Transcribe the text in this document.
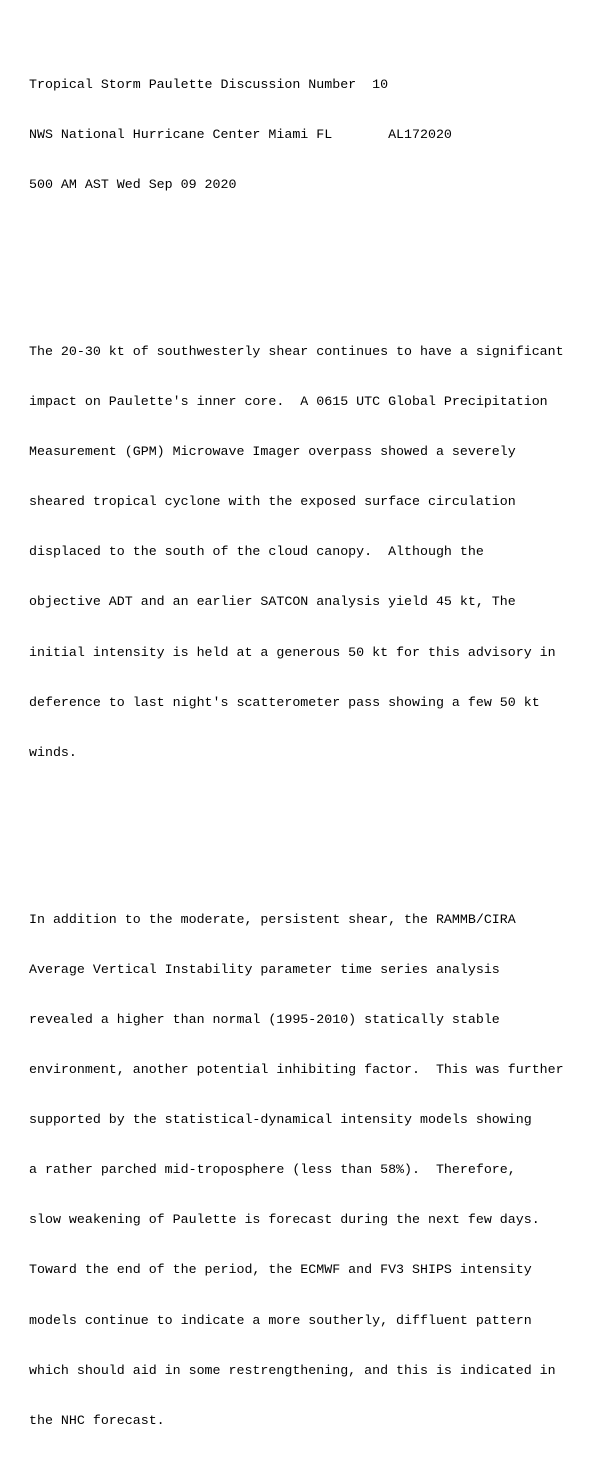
Tropical Storm Paulette Discussion Number  10

NWS National Hurricane Center Miami FL       AL172020

500 AM AST Wed Sep 09 2020

The 20-30 kt of southwesterly shear continues to have a significant

impact on Paulette's inner core.  A 0615 UTC Global Precipitation

Measurement (GPM) Microwave Imager overpass showed a severely

sheared tropical cyclone with the exposed surface circulation

displaced to the south of the cloud canopy.  Although the

objective ADT and an earlier SATCON analysis yield 45 kt, The

initial intensity is held at a generous 50 kt for this advisory in

deference to last night's scatterometer pass showing a few 50 kt

winds.

In addition to the moderate, persistent shear, the RAMMB/CIRA

Average Vertical Instability parameter time series analysis

revealed a higher than normal (1995-2010) statically stable

environment, another potential inhibiting factor.  This was further

supported by the statistical-dynamical intensity models showing

a rather parched mid-troposphere (less than 58%).  Therefore,

slow weakening of Paulette is forecast during the next few days.

Toward the end of the period, the ECMWF and FV3 SHIPS intensity

models continue to indicate a more southerly, diffluent pattern

which should aid in some restrengthening, and this is indicated in

the NHC forecast.
